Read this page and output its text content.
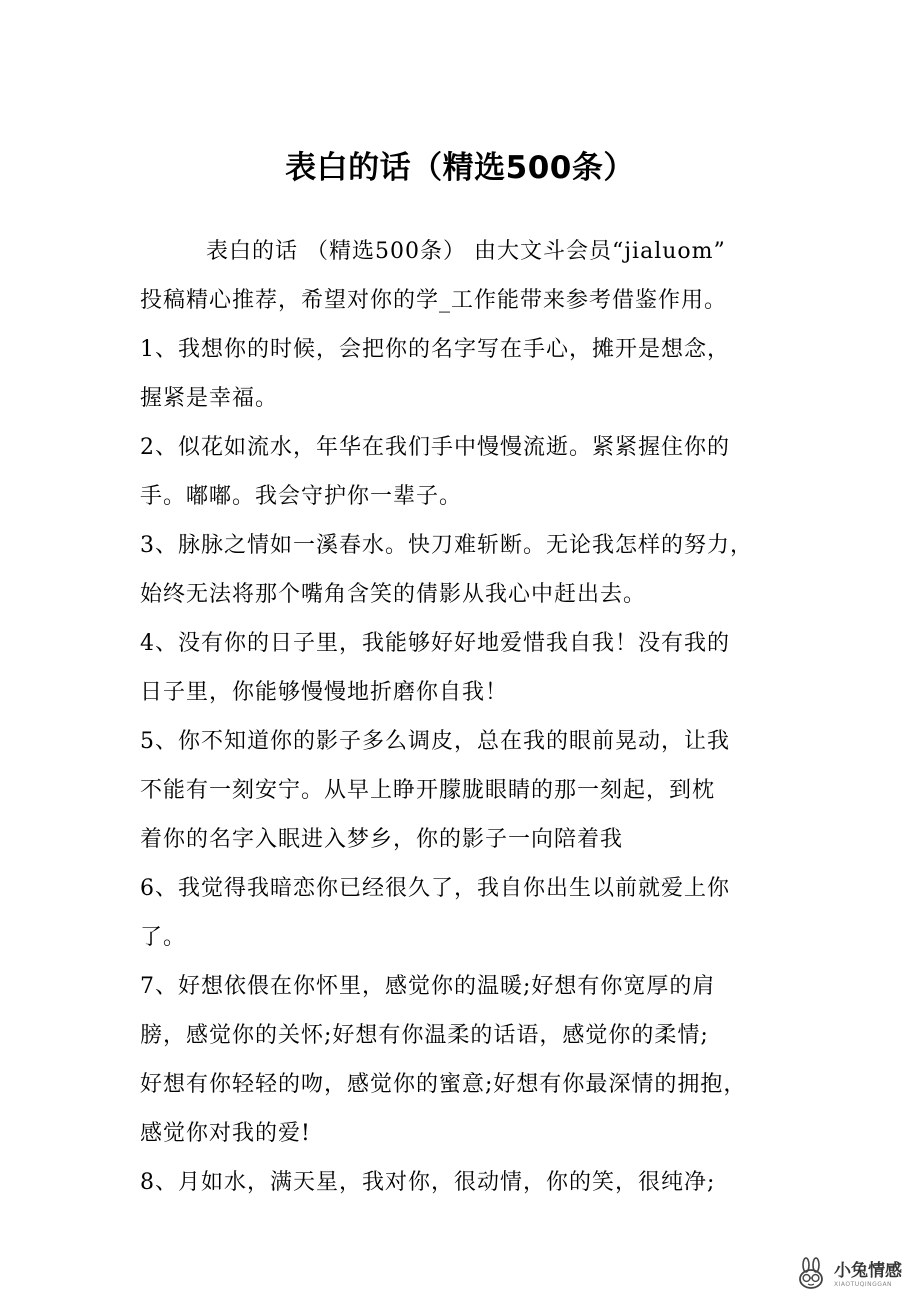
表白的话（精选500条）
表白的话 （精选500条） 由大文斗会员“jialuom”
投稿精心推荐，希望对你的学_工作能带来参考借鉴作用。
1、我想你的时候，会把你的名字写在手心，摊开是想念，
握紧是幸福。
2、似花如流水，年华在我们手中慢慢流逝。紧紧握住你的
手。嘟嘟。我会守护你一辈子。
3、脉脉之情如一溪春水。快刀难斩断。无论我怎样的努力，
始终无法将那个嘴角含笑的倩影从我心中赶出去。
4、没有你的日子里，我能够好好地爱惜我自我！没有我的
日子里，你能够慢慢地折磨你自我！
5、你不知道你的影子多么调皮，总在我的眼前晃动，让我
不能有一刻安宁。从早上睁开朦胧眼睛的那一刻起，到枕
着你的名字入眠进入梦乡，你的影子一向陪着我
6、我觉得我暗恋你已经很久了，我自你出生以前就爱上你
了。
7、好想依偎在你怀里，感觉你的温暖;好想有你宽厚的肩
膀，感觉你的关怀;好想有你温柔的话语，感觉你的柔情;
好想有你轻轻的吻，感觉你的蜜意;好想有你最深情的拥抱，
感觉你对我的爱!
8、月如水，满天星，我对你，很动情，你的笑，很纯净;
小兔情感
XIAOTUQINGGAN
